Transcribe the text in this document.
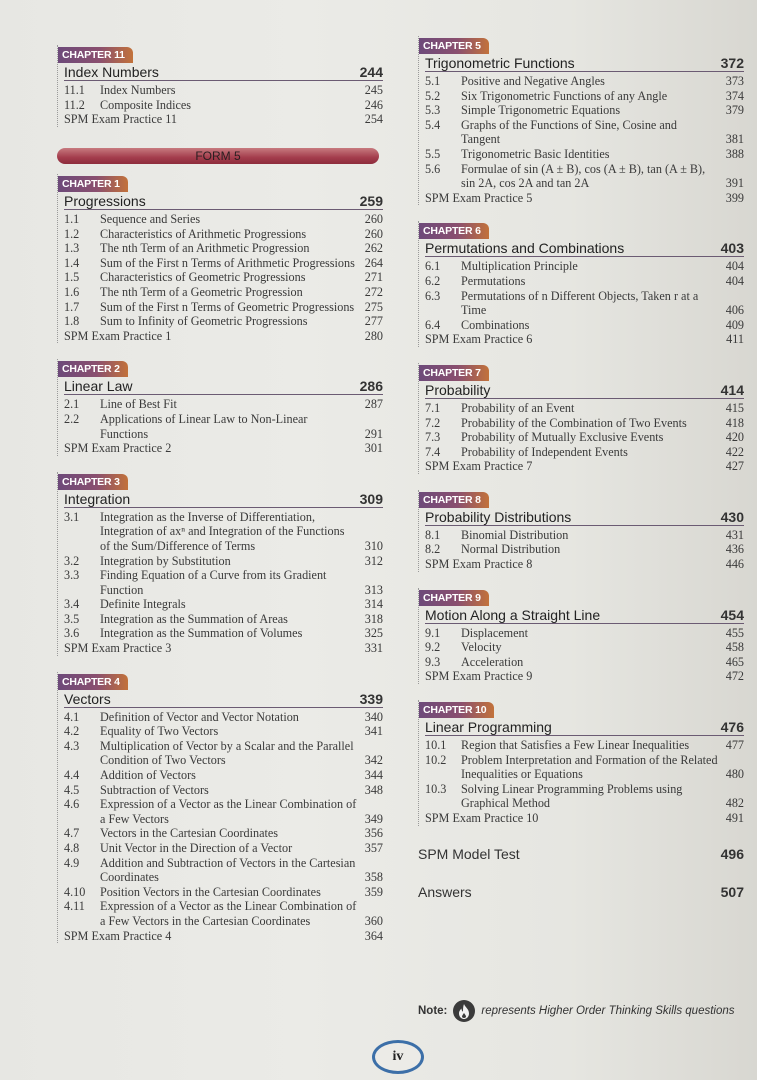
CHAPTER 11
Index Numbers	244
11.1	Index Numbers	245
11.2	Composite Indices	246
SPM Exam Practice 11	254
FORM 5
CHAPTER 1
Progressions	259
1.1	Sequence and Series	260
1.2	Characteristics of Arithmetic Progressions	260
1.3	The nth Term of an Arithmetic Progression	262
1.4	Sum of the First n Terms of Arithmetic Progressions 264
1.5	Characteristics of Geometric Progressions	271
1.6	The nth Term of a Geometric Progression	272
1.7	Sum of the First n Terms of Geometric Progressions 275
1.8	Sum to Infinity of Geometric Progressions	277
SPM Exam Practice 1	280
CHAPTER 2
Linear Law	286
2.1	Line of Best Fit	287
2.2	Applications of Linear Law to Non-Linear Functions	291
SPM Exam Practice 2	301
CHAPTER 3
Integration	309
3.1	Integration as the Inverse of Differentiation, Integration of axⁿ and Integration of the Functions of the Sum/Difference of Terms	310
3.2	Integration by Substitution	312
3.3	Finding Equation of a Curve from its Gradient Function	313
3.4	Definite Integrals	314
3.5	Integration as the Summation of Areas	318
3.6	Integration as the Summation of Volumes	325
SPM Exam Practice 3	331
CHAPTER 4
Vectors	339
4.1	Definition of Vector and Vector Notation	340
4.2	Equality of Two Vectors	341
4.3	Multiplication of Vector by a Scalar and the Parallel Condition of Two Vectors	342
4.4	Addition of Vectors	344
4.5	Subtraction of Vectors	348
4.6	Expression of a Vector as the Linear Combination of a Few Vectors	349
4.7	Vectors in the Cartesian Coordinates	356
4.8	Unit Vector in the Direction of a Vector	357
4.9	Addition and Subtraction of Vectors in the Cartesian Coordinates	358
4.10	Position Vectors in the Cartesian Coordinates	359
4.11	Expression of a Vector as the Linear Combination of a Few Vectors in the Cartesian Coordinates	360
SPM Exam Practice 4	364
CHAPTER 5
Trigonometric Functions	372
5.1	Positive and Negative Angles	373
5.2	Six Trigonometric Functions of any Angle	374
5.3	Simple Trigonometric Equations	379
5.4	Graphs of the Functions of Sine, Cosine and Tangent	381
5.5	Trigonometric Basic Identities	388
5.6	Formulae of sin (A ± B), cos (A ± B), tan (A ± B), sin 2A, cos 2A and tan 2A	391
SPM Exam Practice 5	399
CHAPTER 6
Permutations and Combinations	403
6.1	Multiplication Principle	404
6.2	Permutations	404
6.3	Permutations of n Different Objects, Taken r at a Time	406
6.4	Combinations	409
SPM Exam Practice 6	411
CHAPTER 7
Probability	414
7.1	Probability of an Event	415
7.2	Probability of the Combination of Two Events	418
7.3	Probability of Mutually Exclusive Events	420
7.4	Probability of Independent Events	422
SPM Exam Practice 7	427
CHAPTER 8
Probability Distributions	430
8.1	Binomial Distribution	431
8.2	Normal Distribution	436
SPM Exam Practice 8	446
CHAPTER 9
Motion Along a Straight Line	454
9.1	Displacement	455
9.2	Velocity	458
9.3	Acceleration	465
SPM Exam Practice 9	472
CHAPTER 10
Linear Programming	476
10.1	Region that Satisfies a Few Linear Inequalities	477
10.2	Problem Interpretation and Formation of the Related Inequalities or Equations	480
10.3	Solving Linear Programming Problems using Graphical Method	482
SPM Exam Practice 10	491
SPM Model Test	496
Answers	507
Note:	represents Higher Order Thinking Skills questions
iv
